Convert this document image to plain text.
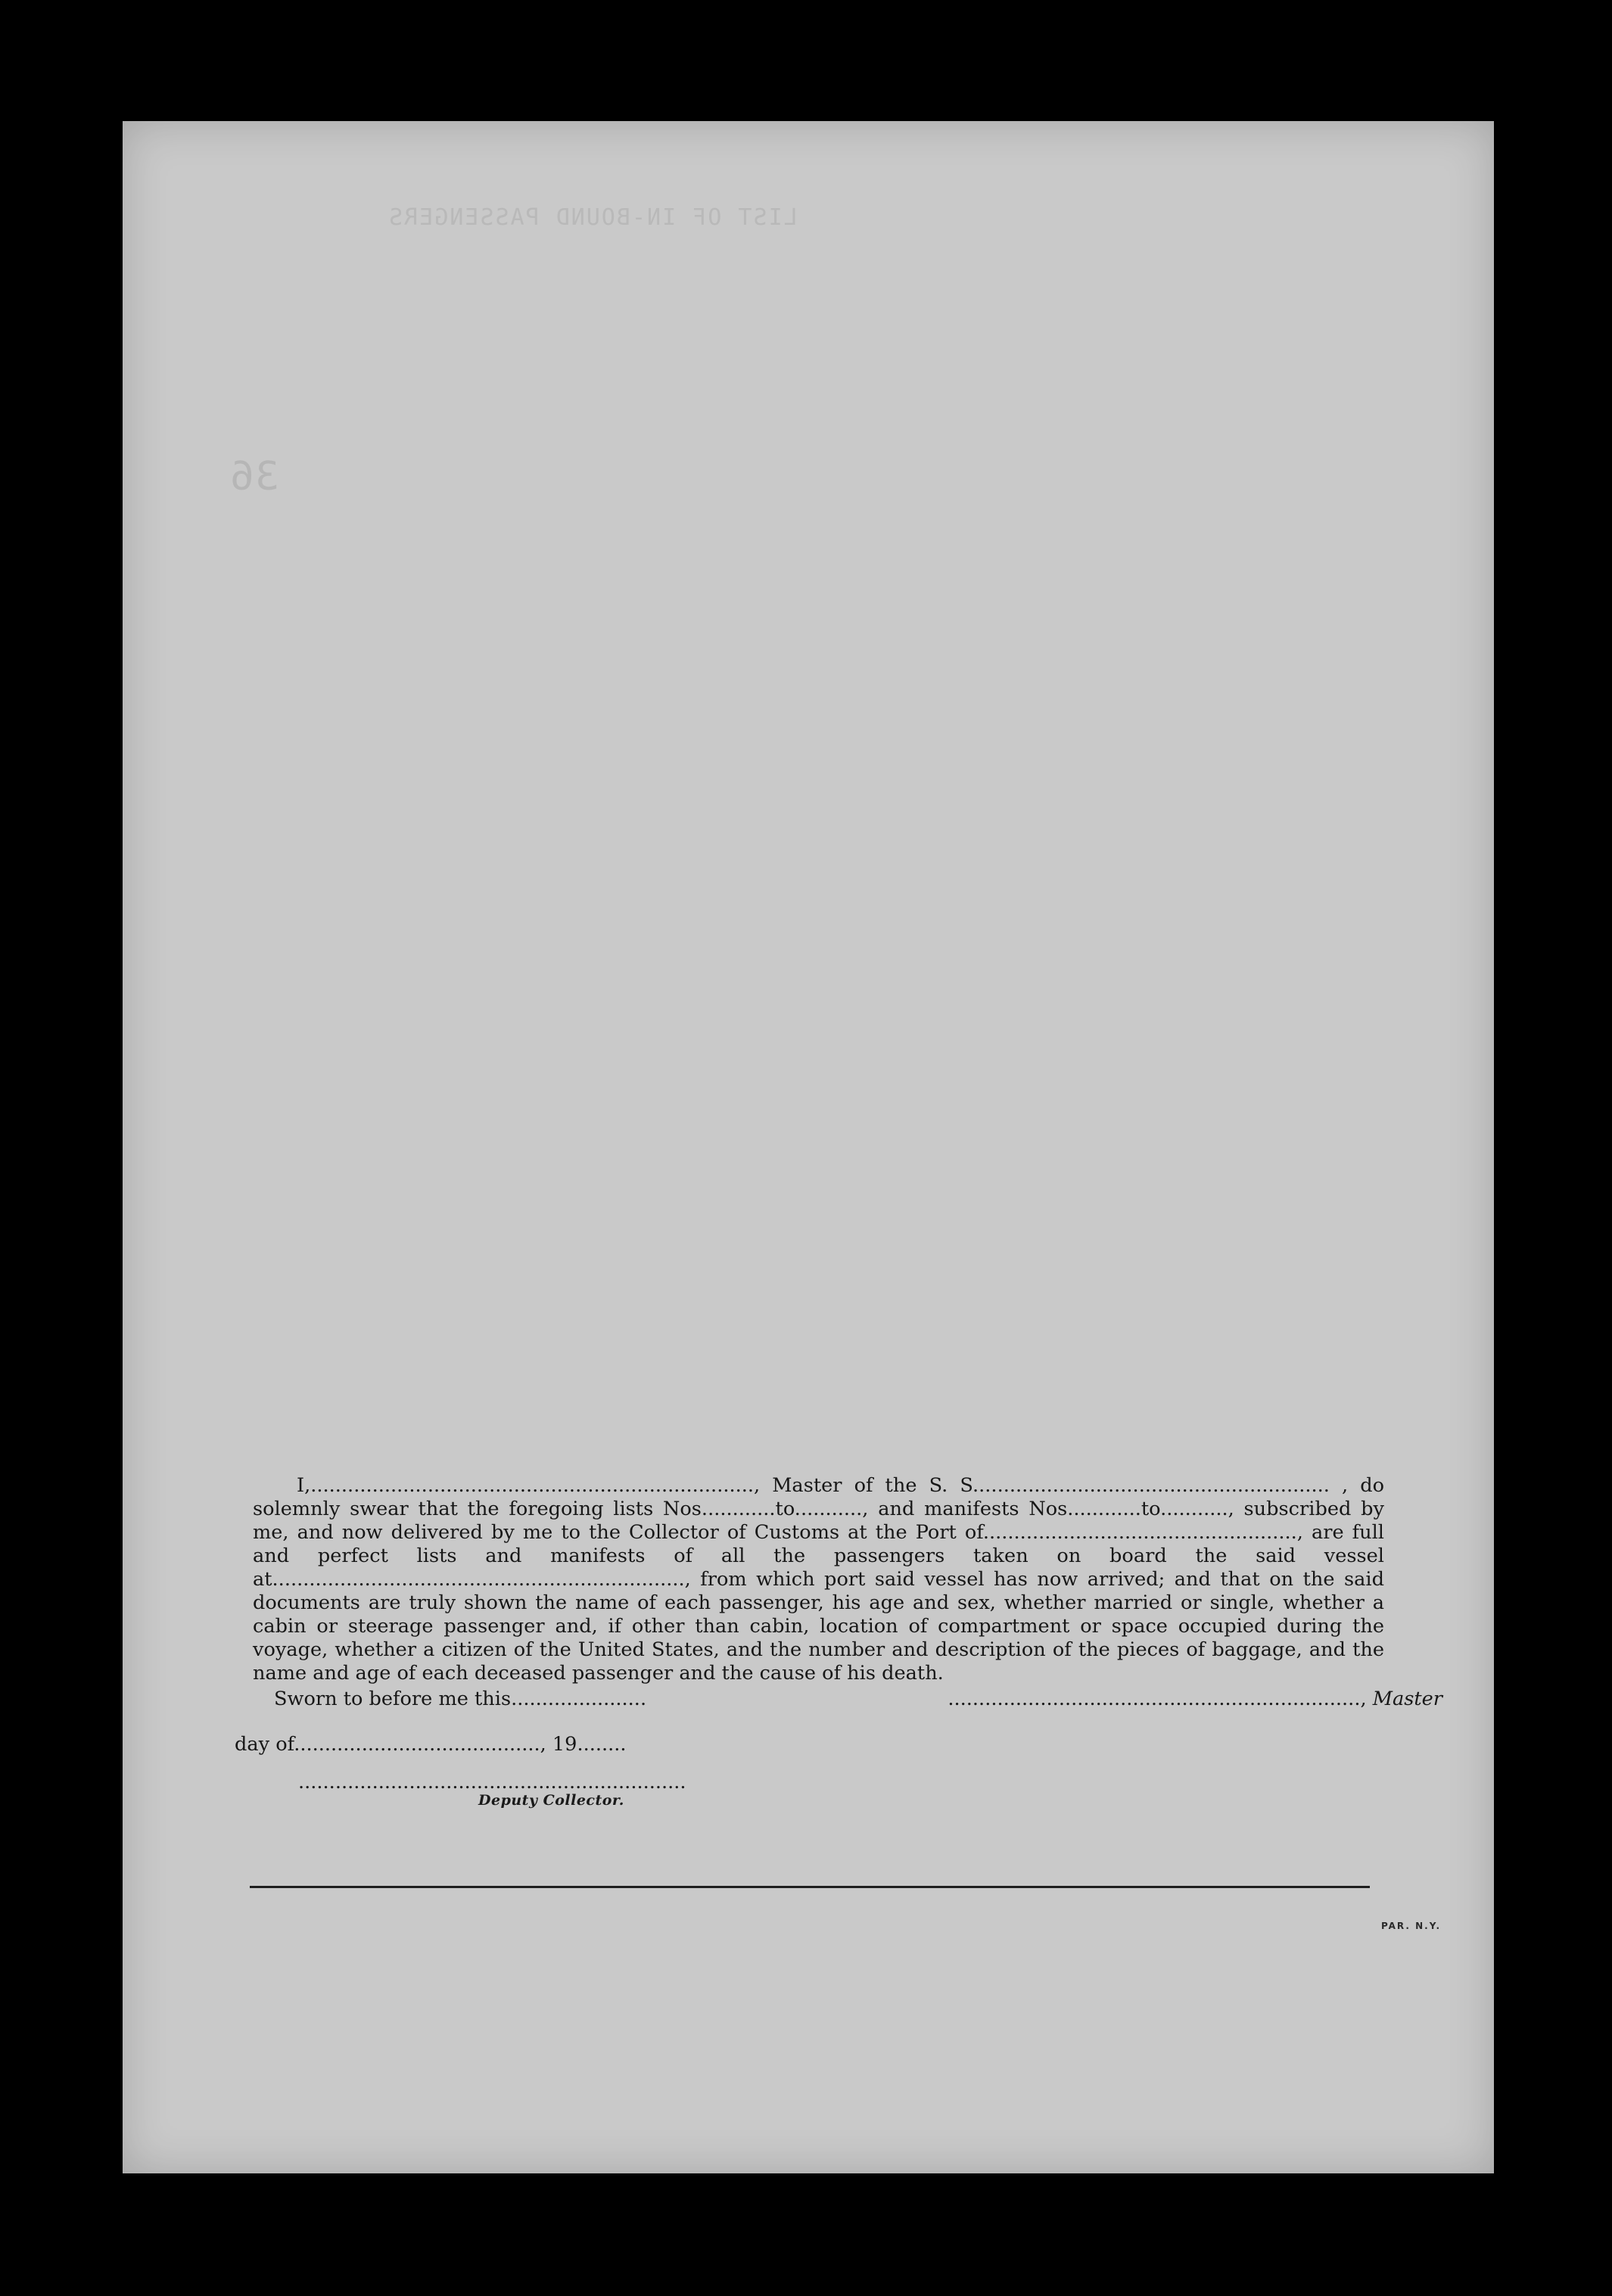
LIST OF IN-BOUND PASSENGERS
36

I,........................................................................, Master of the S. S.......................................................... , do solemnly swear that the foregoing lists Nos............to..........., and manifests Nos............to..........., subscribed by me, and now delivered by me to the Collector of Customs at the Port of..................................................., are full and perfect lists and manifests of all the passengers taken on board the said vessel at..................................................................., from which port said vessel has now arrived; and that on the said documents are truly shown the name of each passenger, his age and sex, whether married or single, whether a cabin or steerage passenger and, if other than cabin, location of compartment or space occupied during the voyage, whether a citizen of the United States, and the number and description of the pieces of baggage, and the name and age of each deceased passenger and the cause of his death.

Sworn to before me this......................	..................................................................., Master
day of........................................, 19........
...............................................................
Deputy Collector.
PAR. N.Y.
